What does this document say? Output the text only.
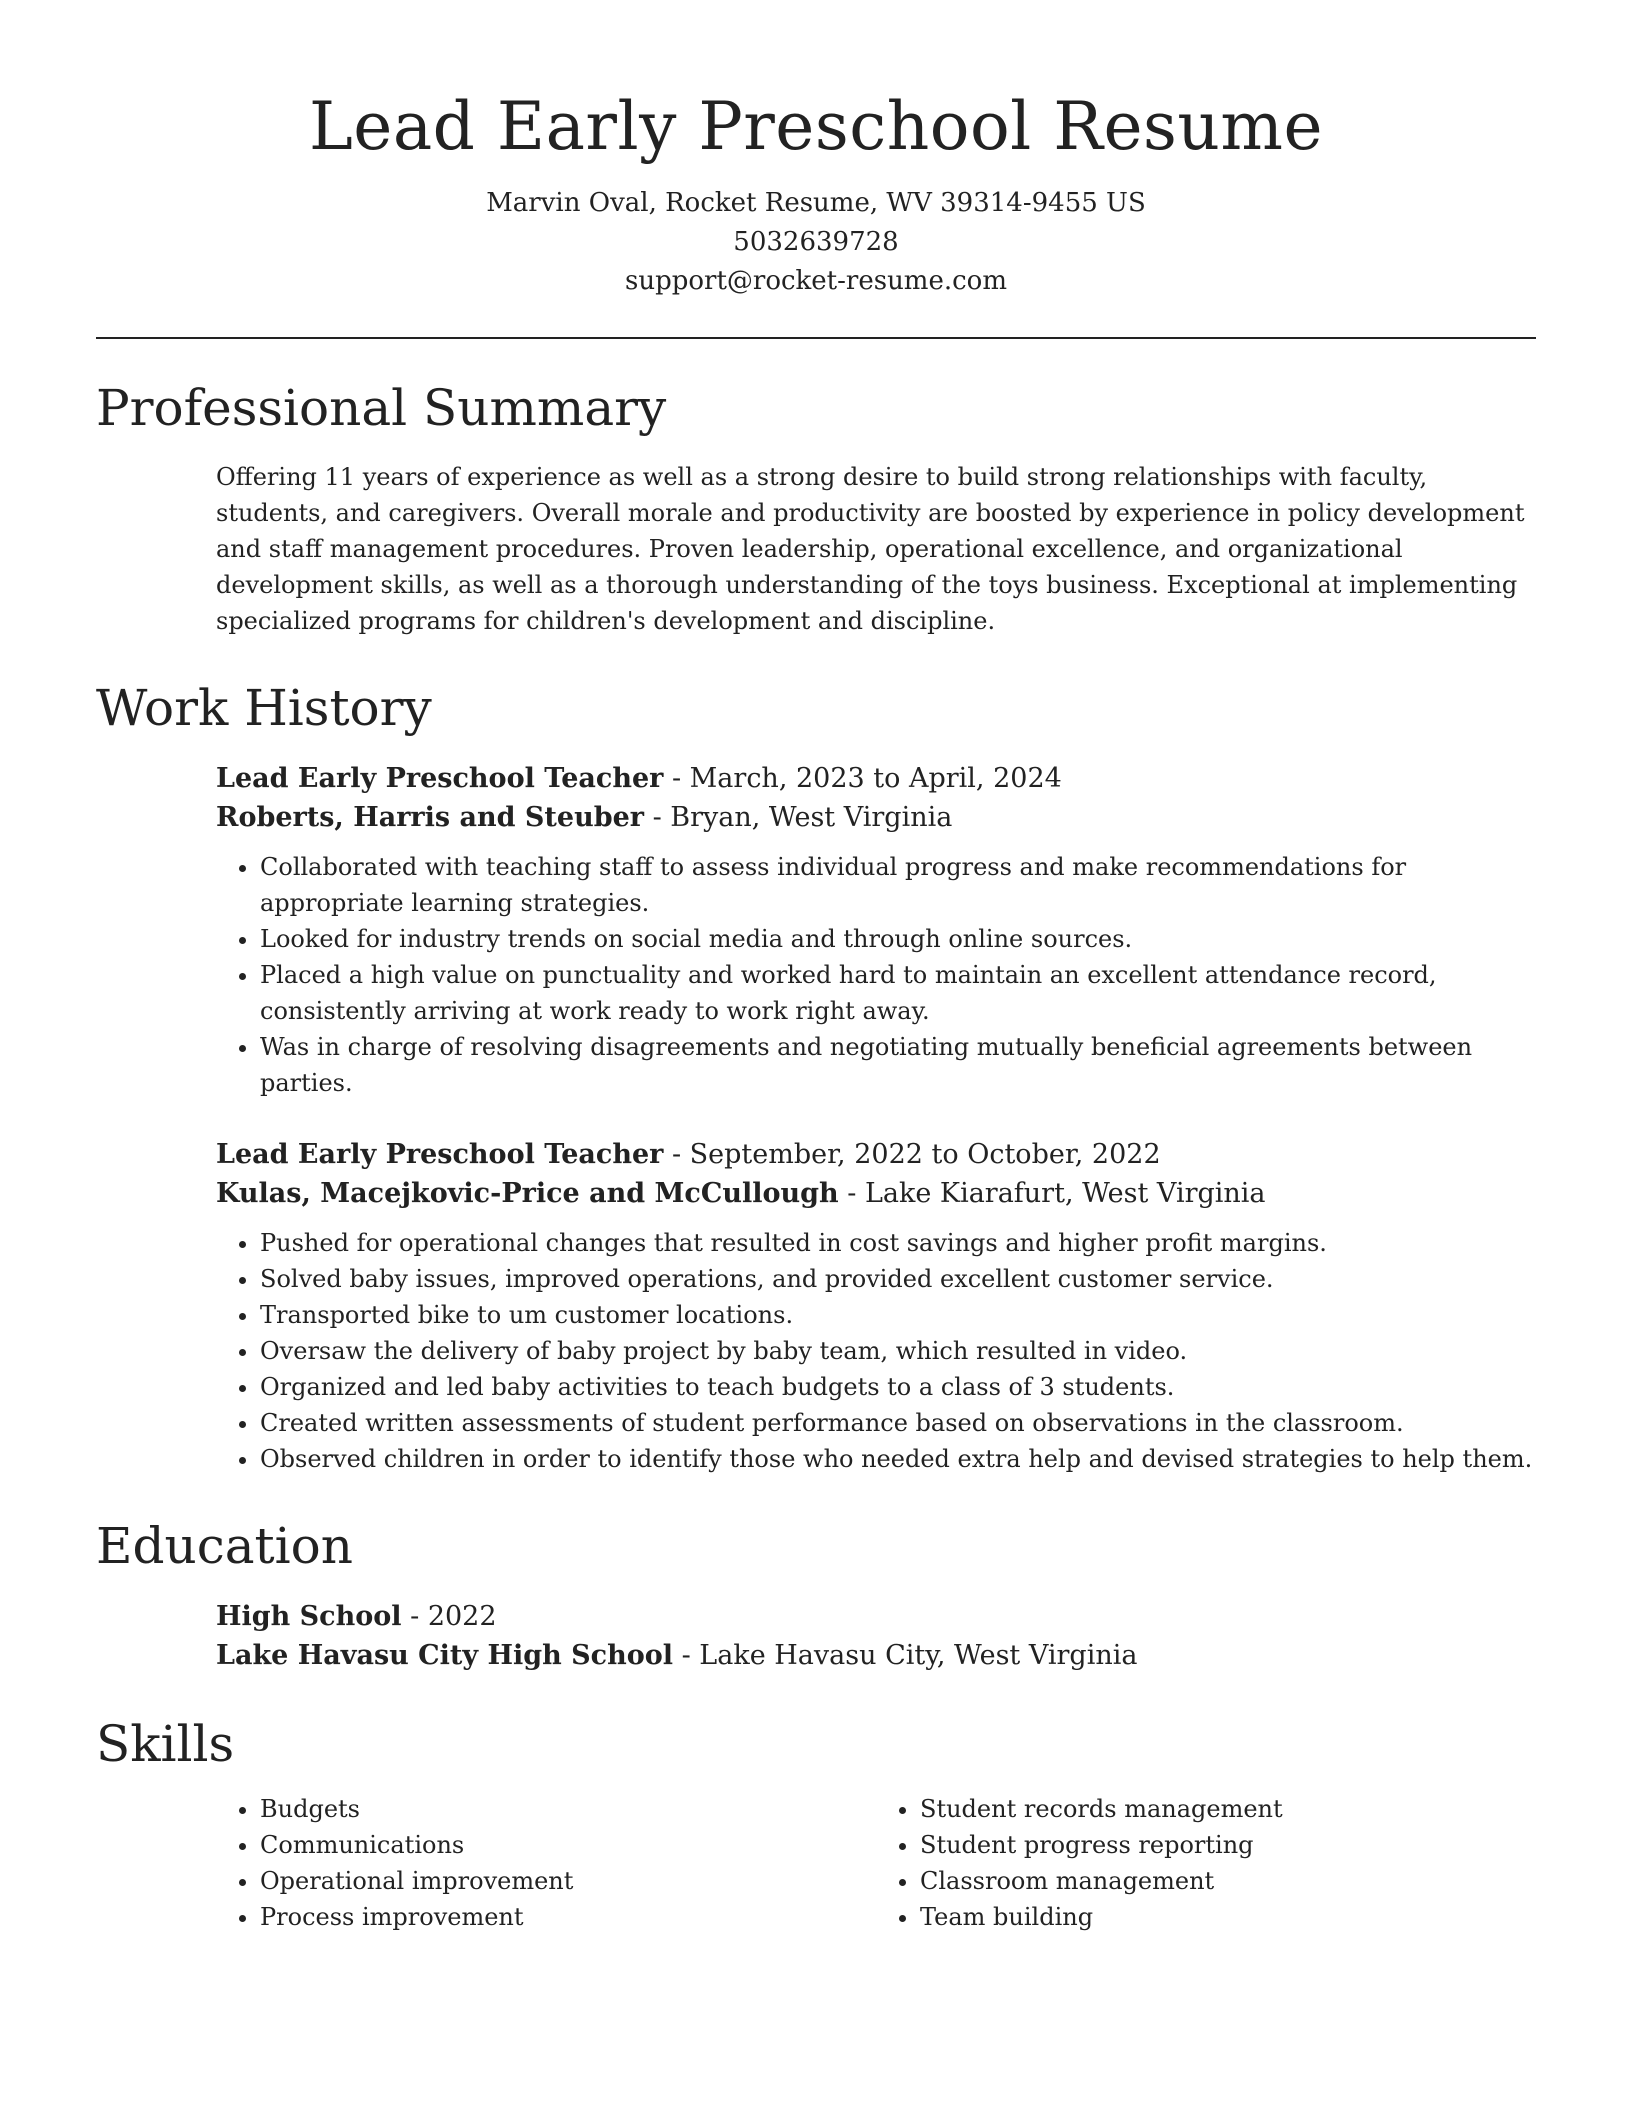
Lead Early Preschool Resume
Marvin Oval, Rocket Resume, WV 39314-9455 US
5032639728
support@rocket-resume.com
Professional Summary

Offering 11 years of experience as well as a strong desire to build strong relationships with faculty, students, and caregivers. Overall morale and productivity are boosted by experience in policy development and staff management procedures. Proven leadership, operational excellence, and organizational development skills, as well as a thorough understanding of the toys business. Exceptional at implementing specialized programs for children's development and discipline.

Work History
Lead Early Preschool Teacher - March, 2023 to April, 2024
Roberts, Harris and Steuber - Bryan, West Virginia
• Collaborated with teaching staff to assess individual progress and make recommendations for appropriate learning strategies.
• Looked for industry trends on social media and through online sources.
• Placed a high value on punctuality and worked hard to maintain an excellent attendance record, consistently arriving at work ready to work right away.
• Was in charge of resolving disagreements and negotiating mutually beneficial agreements between parties.
Lead Early Preschool Teacher - September, 2022 to October, 2022
Kulas, Macejkovic-Price and McCullough - Lake Kiarafurt, West Virginia
• Pushed for operational changes that resulted in cost savings and higher profit margins.
• Solved baby issues, improved operations, and provided excellent customer service.
• Transported bike to um customer locations.
• Oversaw the delivery of baby project by baby team, which resulted in video.
• Organized and led baby activities to teach budgets to a class of 3 students.
• Created written assessments of student performance based on observations in the classroom.
• Observed children in order to identify those who needed extra help and devised strategies to help them.
Education
High School - 2022
Lake Havasu City High School - Lake Havasu City, West Virginia
Skills
• Budgets
• Communications
• Operational improvement
• Process improvement
• Student records management
• Student progress reporting
• Classroom management
• Team building
